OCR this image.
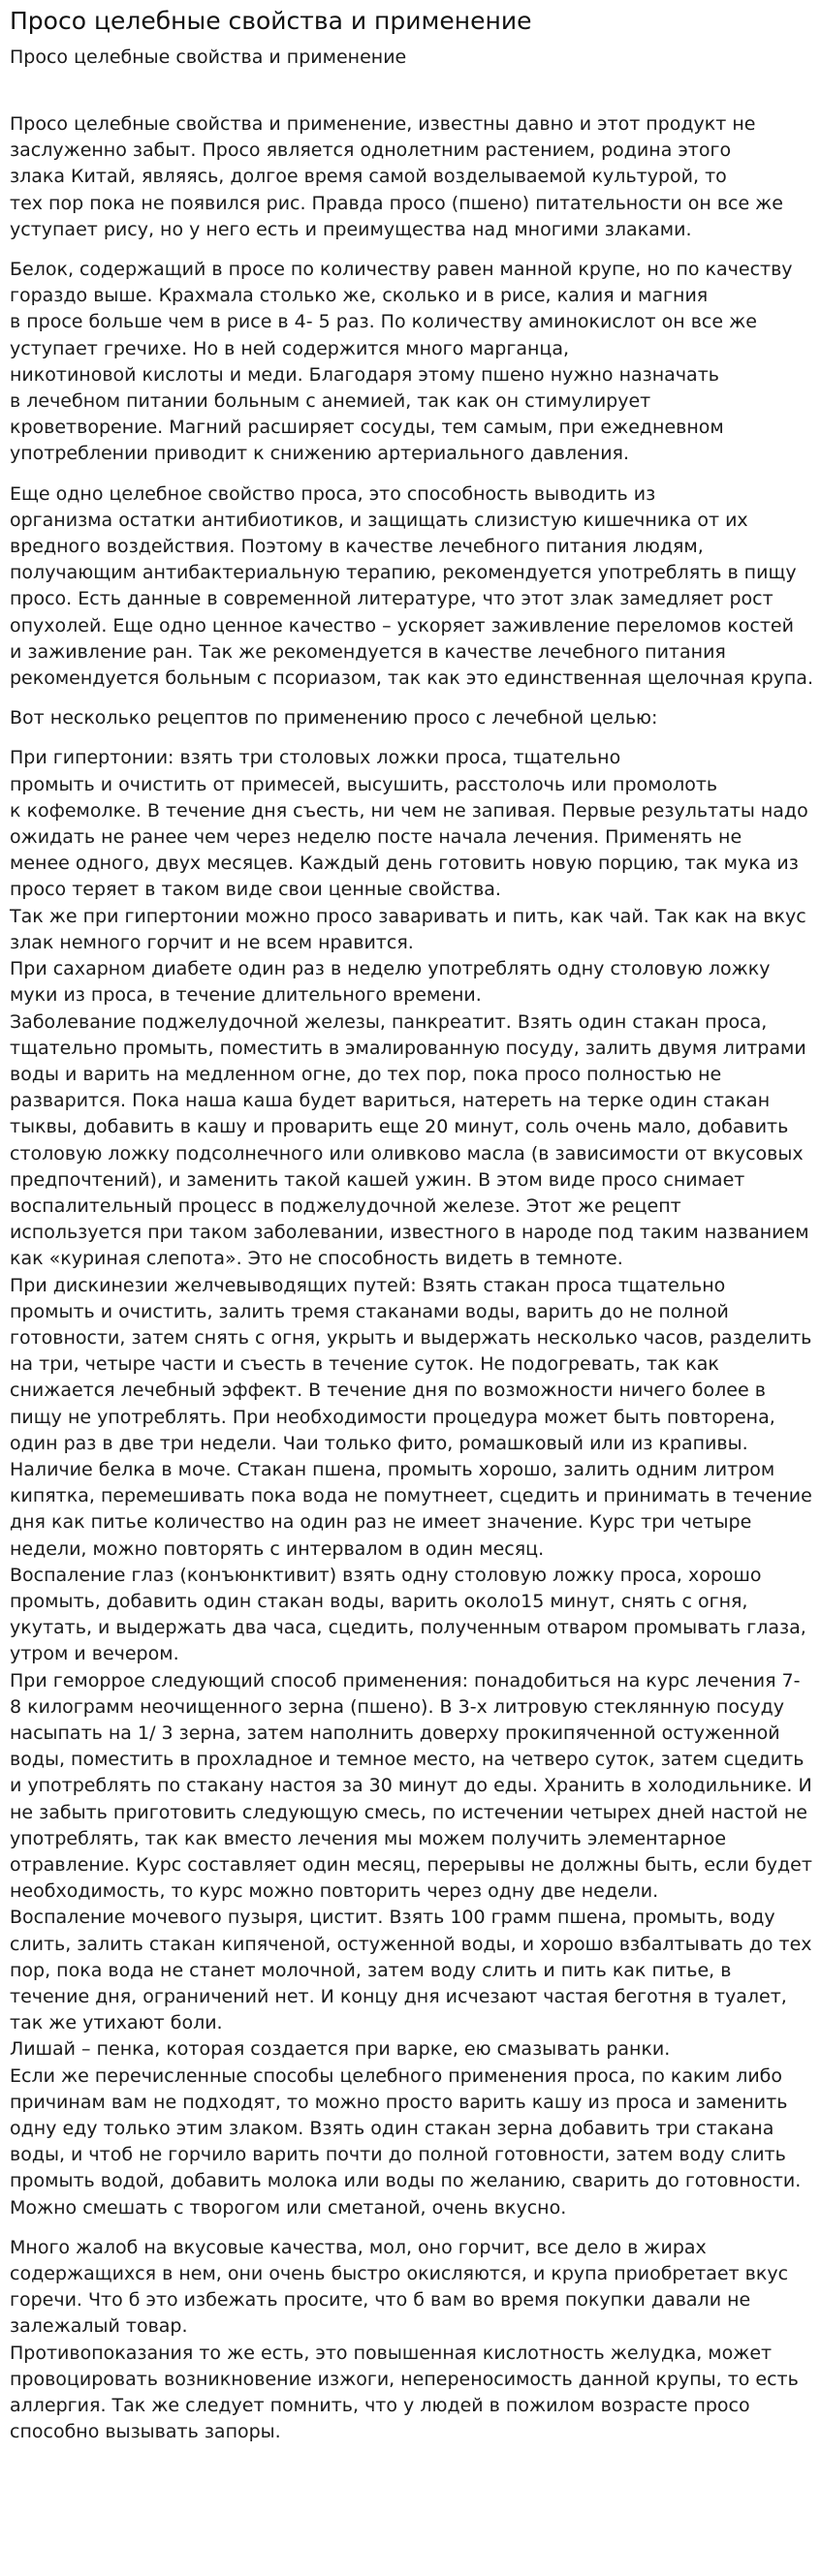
Просо целебные свойства и применение
Просо целебные свойства и применение
Просо целебные свойства и применение, известны давно и этот продукт не
заслуженно забыт. Просо является однолетним растением, родина этого
злака Китай, являясь, долгое время самой возделываемой культурой, то
тех пор пока не появился рис. Правда просо (пшено) питательности он все же
уступает рису, но у него есть и преимущества над многими злаками.
Белок, содержащий в просе по количеству равен манной крупе, но по качеству
гораздо выше. Крахмала столько же, сколько и в рисе, калия и магния
в просе больше чем в рисе в 4- 5 раз. По количеству аминокислот он все же
уступает гречихе. Но в ней содержится много марганца,
никотиновой кислоты и меди. Благодаря этому пшено нужно назначать
в лечебном питании больным с анемией, так как он стимулирует
кроветворение. Магний расширяет сосуды, тем самым, при ежедневном
употреблении приводит к снижению артериального давления.
Еще одно целебное свойство проса, это способность выводить из
организма остатки антибиотиков, и защищать слизистую кишечника от их
вредного воздействия. Поэтому в качестве лечебного питания людям,
получающим антибактериальную терапию, рекомендуется употреблять в пищу
просо. Есть данные в современной литературе, что этот злак замедляет рост
опухолей. Еще одно ценное качество – ускоряет заживление переломов костей
и заживление ран. Так же рекомендуется в качестве лечебного питания
рекомендуется больным с псориазом, так как это единственная щелочная крупа.
Вот несколько рецептов по применению просо с лечебной целью:
При гипертонии: взять три столовых ложки проса, тщательно
промыть и очистить от примесей, высушить, расстолочь или промолоть
к кофемолке. В течение дня съесть, ни чем не запивая. Первые результаты надо
ожидать не ранее чем через неделю посте начала лечения. Применять не
менее одного, двух месяцев. Каждый день готовить новую порцию, так мука из
просо теряет в таком виде свои ценные свойства.
Так же при гипертонии можно просо заваривать и пить, как чай. Так как на вкус
злак немного горчит и не всем нравится.
При сахарном диабете один раз в неделю употреблять одну столовую ложку
муки из проса, в течение длительного времени.
Заболевание поджелудочной железы, панкреатит. Взять один стакан проса,
тщательно промыть, поместить в эмалированную посуду, залить двумя литрами
воды и варить на медленном огне, до тех пор, пока просо полностью не
разварится. Пока наша каша будет вариться, натереть на терке один стакан
тыквы, добавить в кашу и проварить еще 20 минут, соль очень мало, добавить
столовую ложку подсолнечного или оливково масла (в зависимости от вкусовых
предпочтений), и заменить такой кашей ужин. В этом виде просо снимает
воспалительный процесс в поджелудочной железе. Этот же рецепт
используется при таком заболевании, известного в народе под таким названием
как «куриная слепота». Это не способность видеть в темноте.
При дискинезии желчевыводящих путей: Взять стакан проса тщательно
промыть и очистить, залить тремя стаканами воды, варить до не полной
готовности, затем снять с огня, укрыть и выдержать несколько часов, разделить
на три, четыре части и съесть в течение суток. Не подогревать, так как
снижается лечебный эффект. В течение дня по возможности ничего более в
пищу не употреблять. При необходимости процедура может быть повторена,
один раз в две три недели. Чаи только фито, ромашковый или из крапивы.
Наличие белка в моче. Стакан пшена, промыть хорошо, залить одним литром
кипятка, перемешивать пока вода не помутнеет, сцедить и принимать в течение
дня как питье количество на один раз не имеет значение. Курс три четыре
недели, можно повторять с интервалом в один месяц.
Воспаление глаз (конъюнктивит) взять одну столовую ложку проса, хорошо
промыть, добавить один стакан воды, варить около15 минут, снять с огня,
укутать, и выдержать два часа, сцедить, полученным отваром промывать глаза,
утром и вечером.
При геморрое следующий способ применения: понадобиться на курс лечения 7-
8 килограмм неочищенного зерна (пшено). В 3-х литровую стеклянную посуду
насыпать на 1/ 3 зерна, затем наполнить доверху прокипяченной остуженной
воды, поместить в прохладное и темное место, на четверо суток, затем сцедить
и употреблять по стакану настоя за 30 минут до еды. Хранить в холодильнике. И
не забыть приготовить следующую смесь, по истечении четырех дней настой не
употреблять, так как вместо лечения мы можем получить элементарное
отравление. Курс составляет один месяц, перерывы не должны быть, если будет
необходимость, то курс можно повторить через одну две недели.
Воспаление мочевого пузыря, цистит. Взять 100 грамм пшена, промыть, воду
слить, залить стакан кипяченой, остуженной воды, и хорошо взбалтывать до тех
пор, пока вода не станет молочной, затем воду слить и пить как питье, в
течение дня, ограничений нет. И концу дня исчезают частая беготня в туалет,
так же утихают боли.
Лишай – пенка, которая создается при варке, ею смазывать ранки.
Если же перечисленные способы целебного применения проса, по каким либо
причинам вам не подходят, то можно просто варить кашу из проса и заменить
одну еду только этим злаком. Взять один стакан зерна добавить три стакана
воды, и чтоб не горчило варить почти до полной готовности, затем воду слить
промыть водой, добавить молока или воды по желанию, сварить до готовности.
Можно смешать с творогом или сметаной, очень вкусно.
Много жалоб на вкусовые качества, мол, оно горчит, все дело в жирах
содержащихся в нем, они очень быстро окисляются, и крупа приобретает вкус
горечи. Что б это избежать просите, что б вам во время покупки давали не
залежалый товар.
Противопоказания то же есть, это повышенная кислотность желудка, может
провоцировать возникновение изжоги, непереносимость данной крупы, то есть
аллергия. Так же следует помнить, что у людей в пожилом возрасте просо
способно вызывать запоры.
